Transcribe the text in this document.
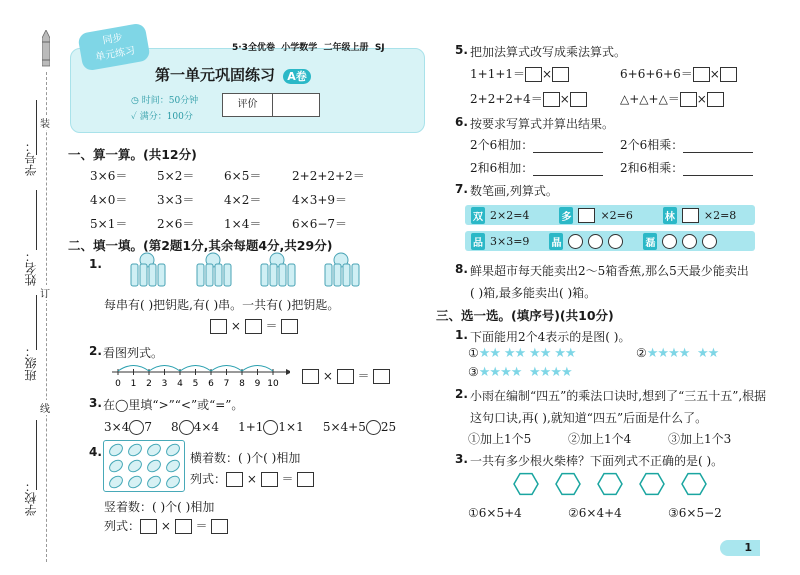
装
订
线
学号：
姓名：
班级：
学校：
5·3全优卷 小学数学 二年级上册 SJ
同步
单元练习
第一单元巩固练习 A卷
◷ 时间：50分钟
✓ 满分：100分
评价
一、算一算。(共12分)
3×6＝	5×2＝	6×5＝	2+2+2+2＝
4×0＝	3×3＝	4×2＝	4×3+9＝
5×1＝	2×6＝	1×4＝	6×6−7＝
二、填一填。(第2题1分,其余每题4分,共29分)
1.
每串有( )把钥匙,有( )串。一共有( )把钥匙。
×  ＝
2. 看图列式。
0 1 2 3 4 5 6 7 8 9 10
×  ＝
3. 在◯里填“>”“<”或“=”。
3×4 7 8 4×4 1+1 1×1 5×4+5 25
4.	横着数：( )个( )相加
列式： ×  ＝
竖着数：( )个( )相加
列式： ×  ＝
5. 把加法算式改写成乘法算式。
1+1+1＝ ×	6+6+6+6＝ ×
2+2+2+4＝ ×	△+△+△＝ ×
6. 按要求写算式并算出结果。
2个6相加：	2个6相乘：
2和6相加：	2和6相乘：
7. 数笔画,列算式。
双 2×2=4	多	×2=6	林	×2=8
品 3×3=9 晶	磊
8. 鲜果超市每天能卖出2～5箱香蕉,那么5天最少能卖出
( )箱,最多能卖出( )箱。
三、选一选。(填序号)(共10分)
1. 下面能用2个4表示的是图( )。
①★★ ★★ ★★ ★★	②★★★★ ★★
③★★★★ ★★★★
2. 小雨在编制“四五”的乘法口诀时,想到了“三五十五”,根据
这句口诀,再( ),就知道“四五”后面是什么了。
①加上1个5	②加上1个4	③加上1个3
3. 一共有多少根火柴棒？下面列式不正确的是( )。
①6×5+4	②6×4+4	③6×5−2
1
